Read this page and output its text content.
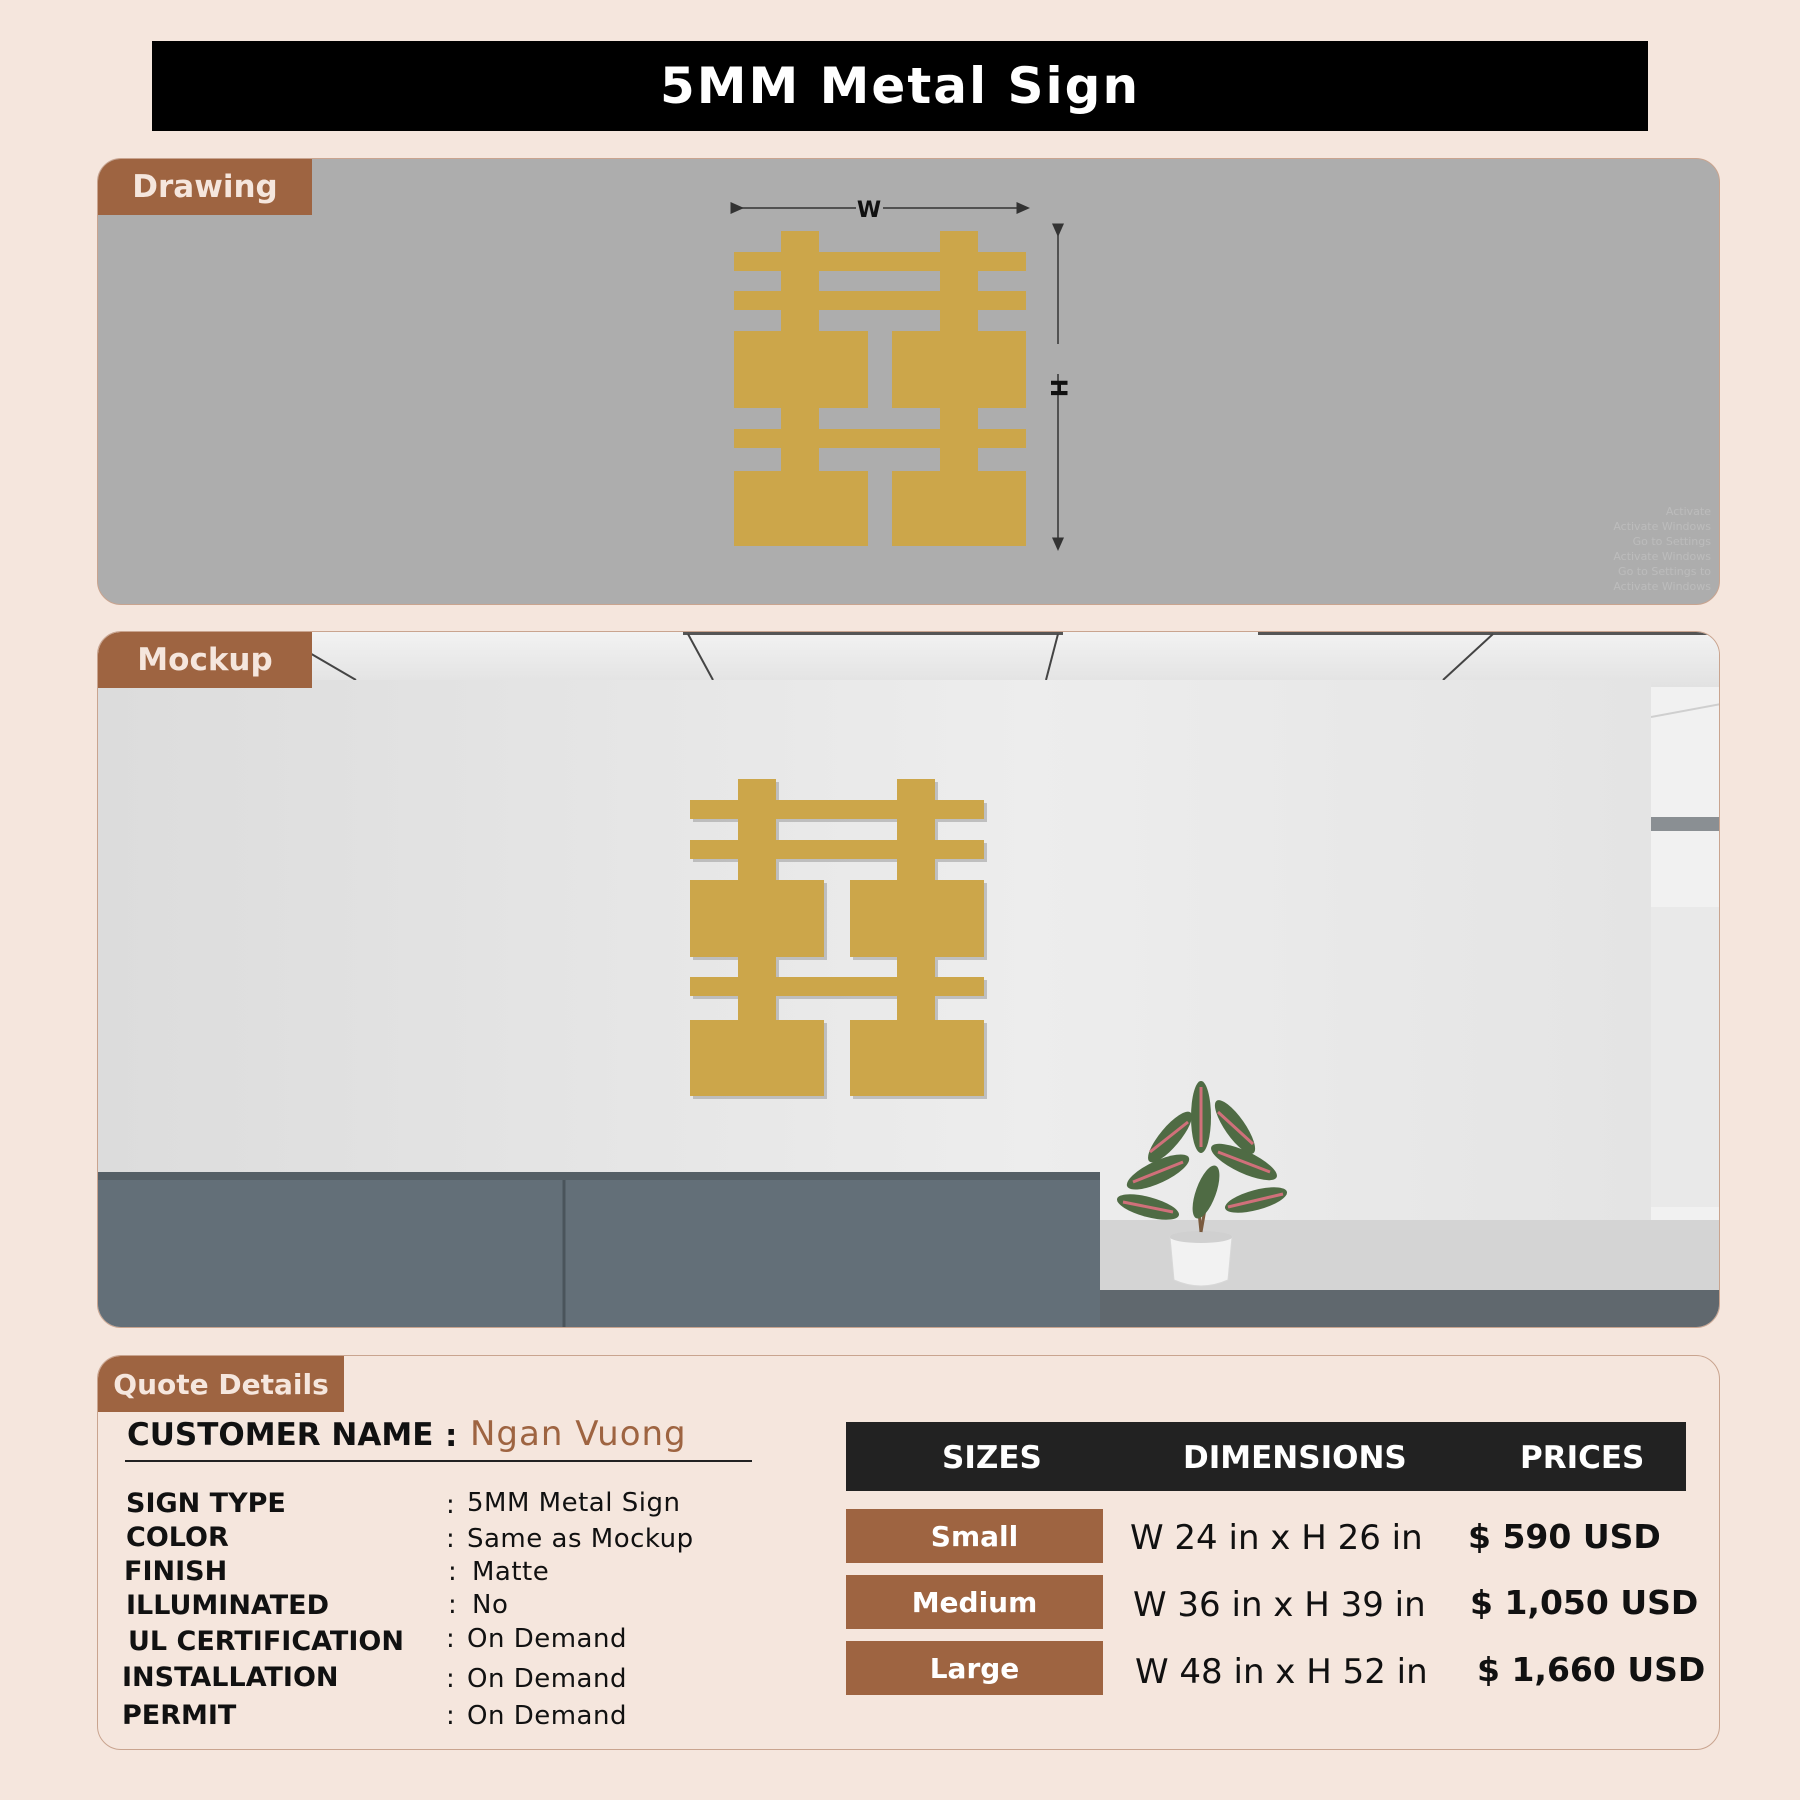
5MM Metal Sign
Drawing
W
H
Activate
Activate Windows
Go to Settings
Activate Windows
Go to Settings to
Activate Windows
Mockup
Quote Details
CUSTOMER NAME : Ngan Vuong
SIGN TYPE	: 5MM Metal Sign
COLOR	: Same as Mockup
FINISH	: Matte
ILLUMINATED	: No
UL CERTIFICATION : On Demand
INSTALLATION	: On Demand
PERMIT	: On Demand
SIZES	DIMENSIONS	PRICES
Small	W 24 in x H 26 in $ 590 USD
Medium	W 36 in x H 39 in $ 1,050 USD
Large	W 48 in x H 52 in $ 1,660 USD
